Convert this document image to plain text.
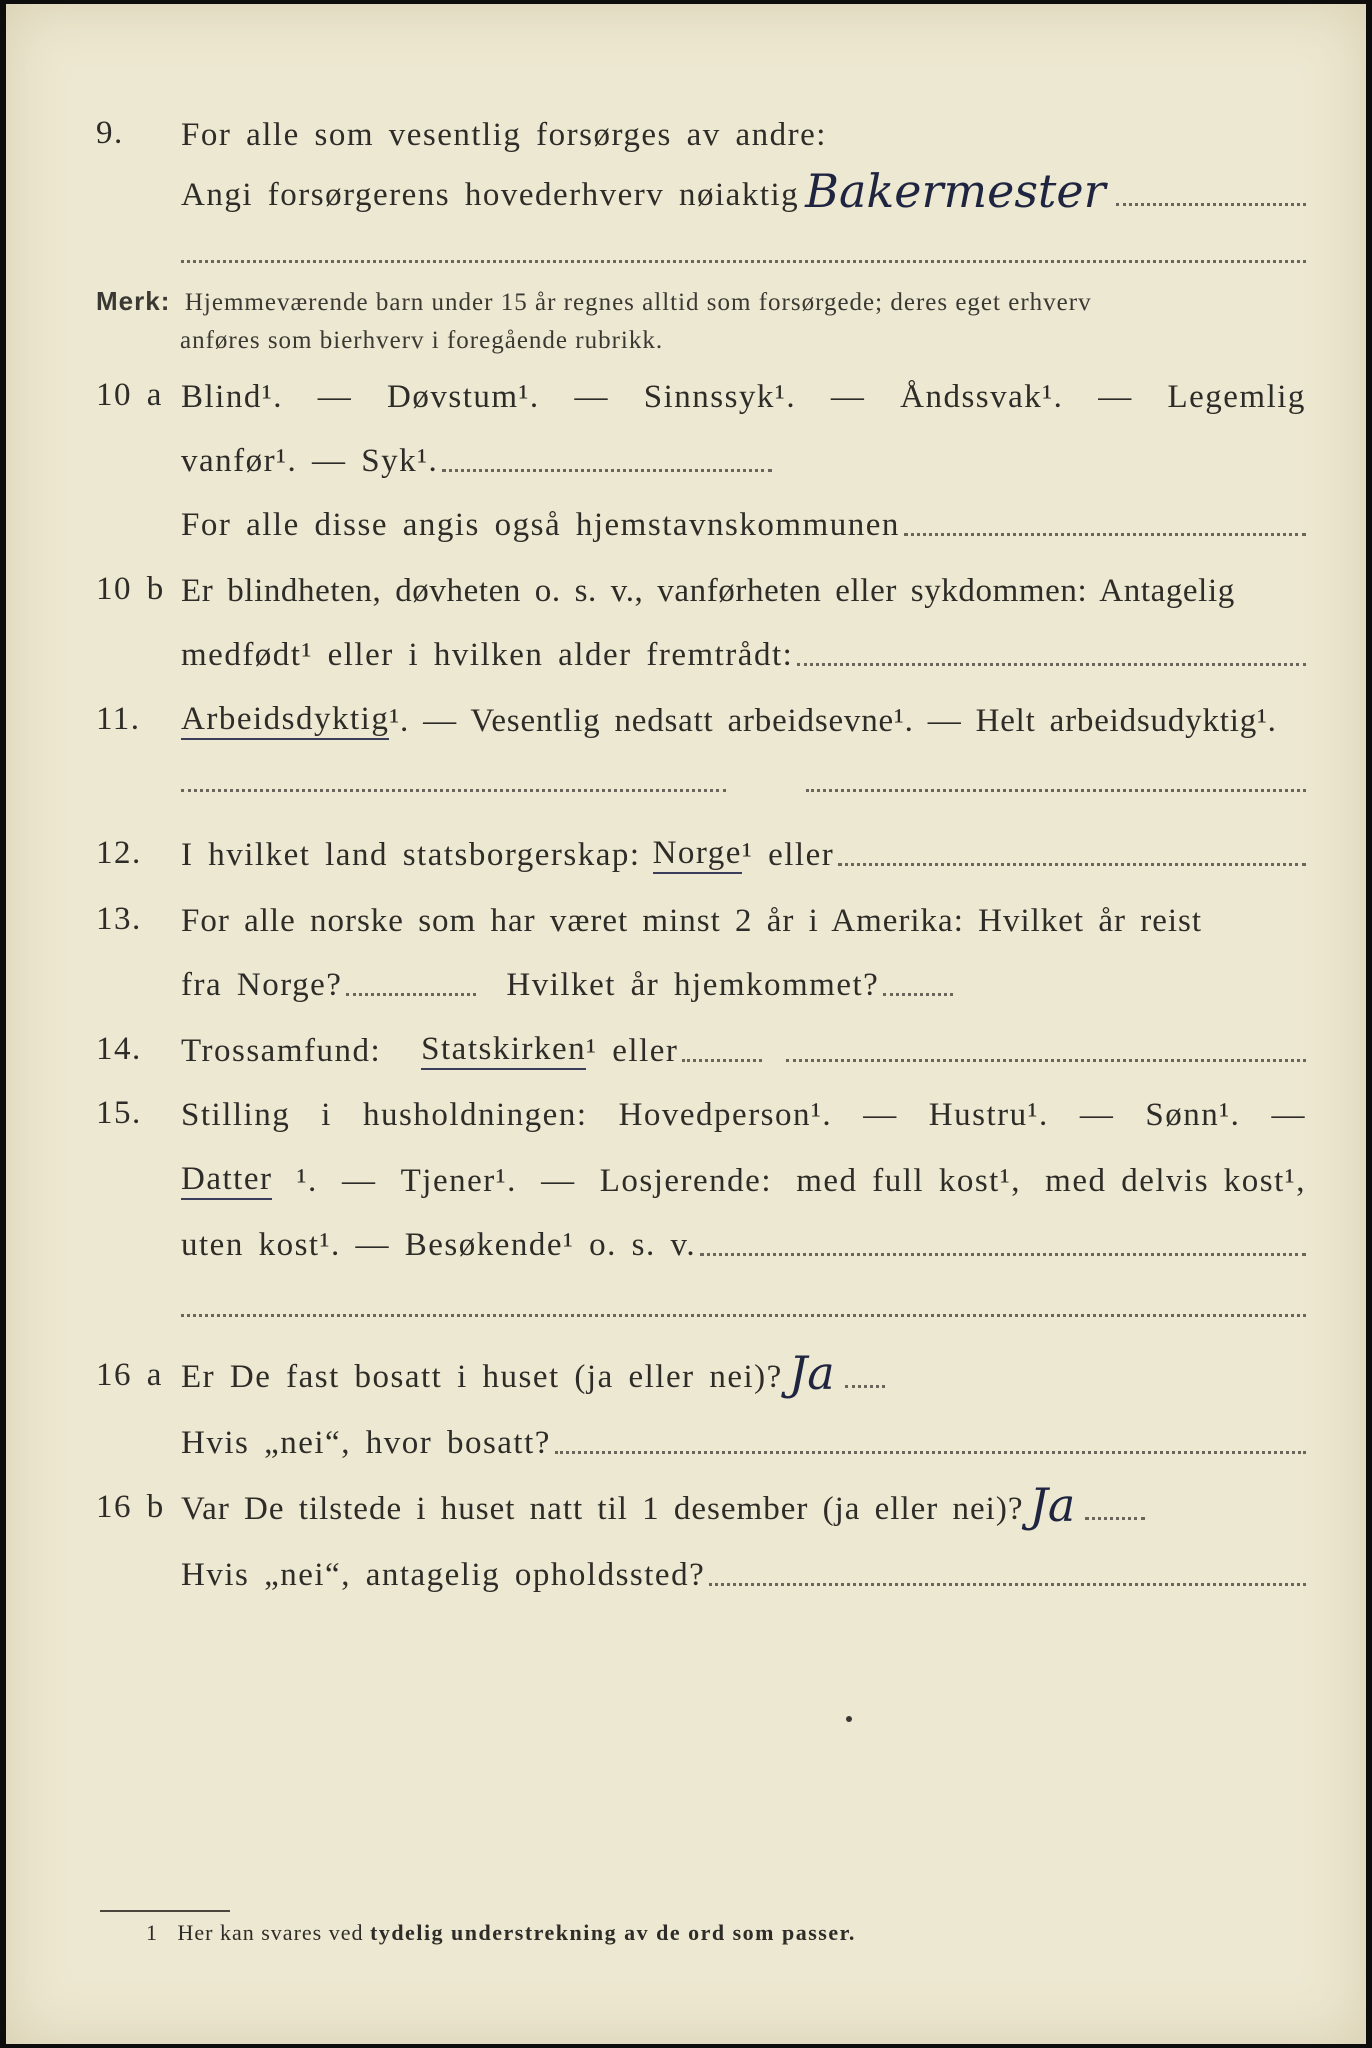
9.	For alle som vesentlig forsørges av andre:
Angi forsørgerens hovederhverv nøiaktig Bakermester
Merk: Hjemmeværende barn under 15 år regnes alltid som forsørgede; deres eget erhverv
anføres som bierhverv i foregående rubrikk.
10 a Blind¹. — Døvstum¹. — Sinnssyk¹. — Åndssvak¹. — Legemlig
vanfør¹. — Syk¹.
For alle disse angis også hjemstavnskommunen
10 b Er blindheten, døvheten o. s. v., vanførheten eller sykdommen: Antagelig
medfødt¹ eller i hvilken alder fremtrådt:
11.	Arbeidsdyktig ¹. — Vesentlig nedsatt arbeidsevne¹. — Helt arbeidsudyktig¹.
12.	I hvilket land statsborgerskap: Norge ¹ eller
13.	For alle norske som har været minst 2 år i Amerika: Hvilket år reist
fra Norge?	Hvilket år hjemkommet?
14.	Trossamfund: Statskirken ¹ eller
15.	Stilling i husholdningen: Hovedperson¹. — Hustru¹. — Sønn¹. —
Datter ¹. — Tjener¹. — Losjerende: med full kost¹, med delvis kost¹,
uten kost¹. — Besøkende¹ o. s. v.
16 a Er De fast bosatt i huset (ja eller nei)? Ja
Hvis „nei“, hvor bosatt?
16 b Var De tilstede i huset natt til 1 desember (ja eller nei)? Ja
Hvis „nei“, antagelig opholdssted?
1 Her kan svares ved tydelig understrekning av de ord som passer.
